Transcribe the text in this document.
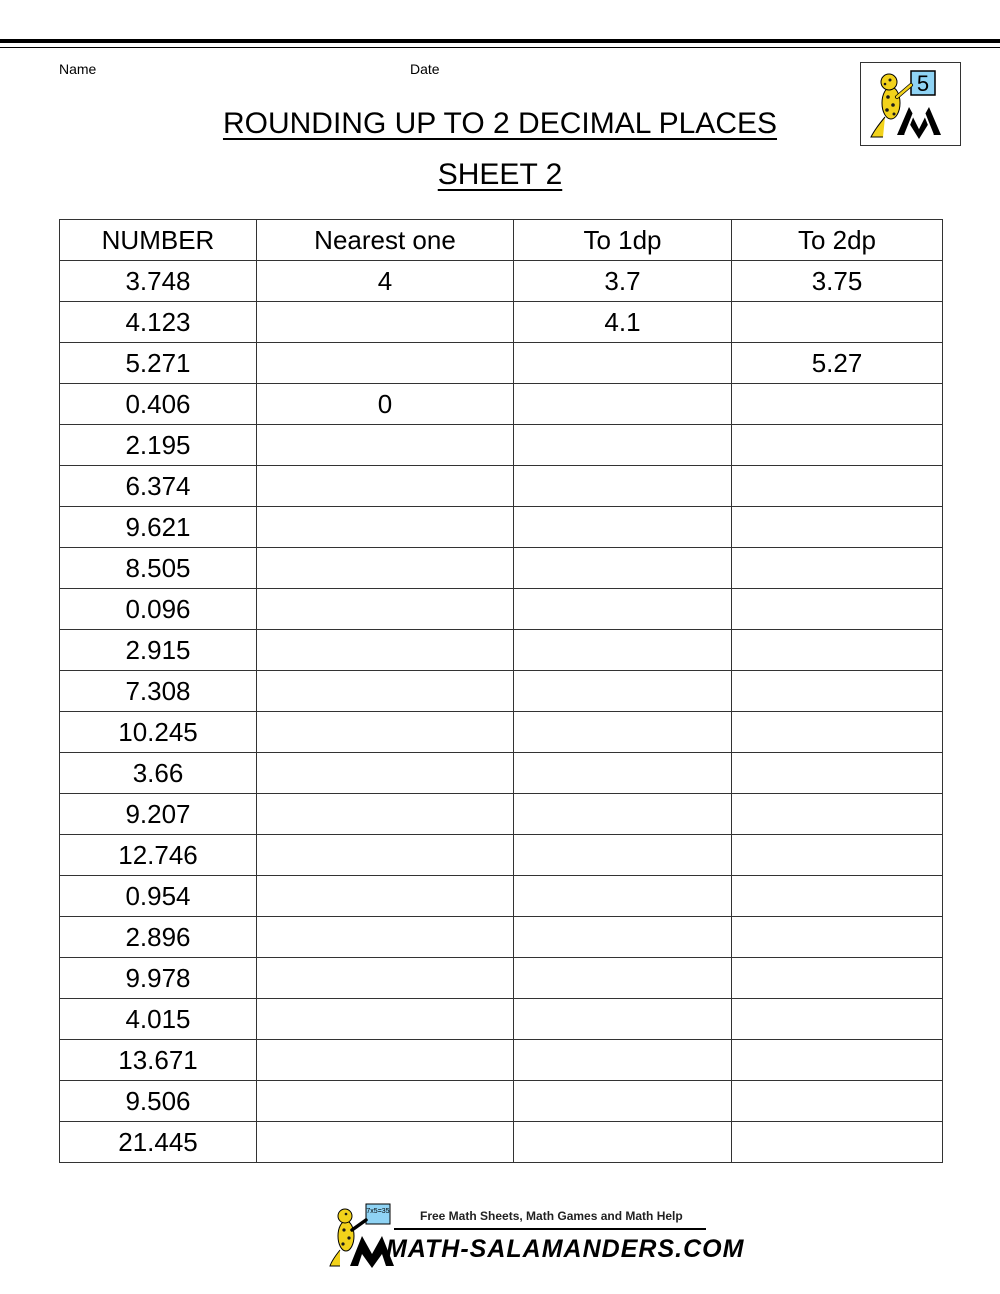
Name	Date
ROUNDING UP TO 2 DECIMAL PLACES
SHEET 2
5
NUMBER	Nearest one	To 1dp	To 2dp
3.748	4	3.7	3.75
4.123		4.1	
5.271			5.27
0.406	0		
2.195			
6.374			
9.621			
8.505			
0.096			
2.915			
7.308			
10.245			
3.66			
9.207			
12.746			
0.954			
2.896			
9.978			
4.015			
13.671			
9.506			
21.445			
7x5=35	Free Math Sheets, Math Games and Math Help
MATH-SALAMANDERS.COM
